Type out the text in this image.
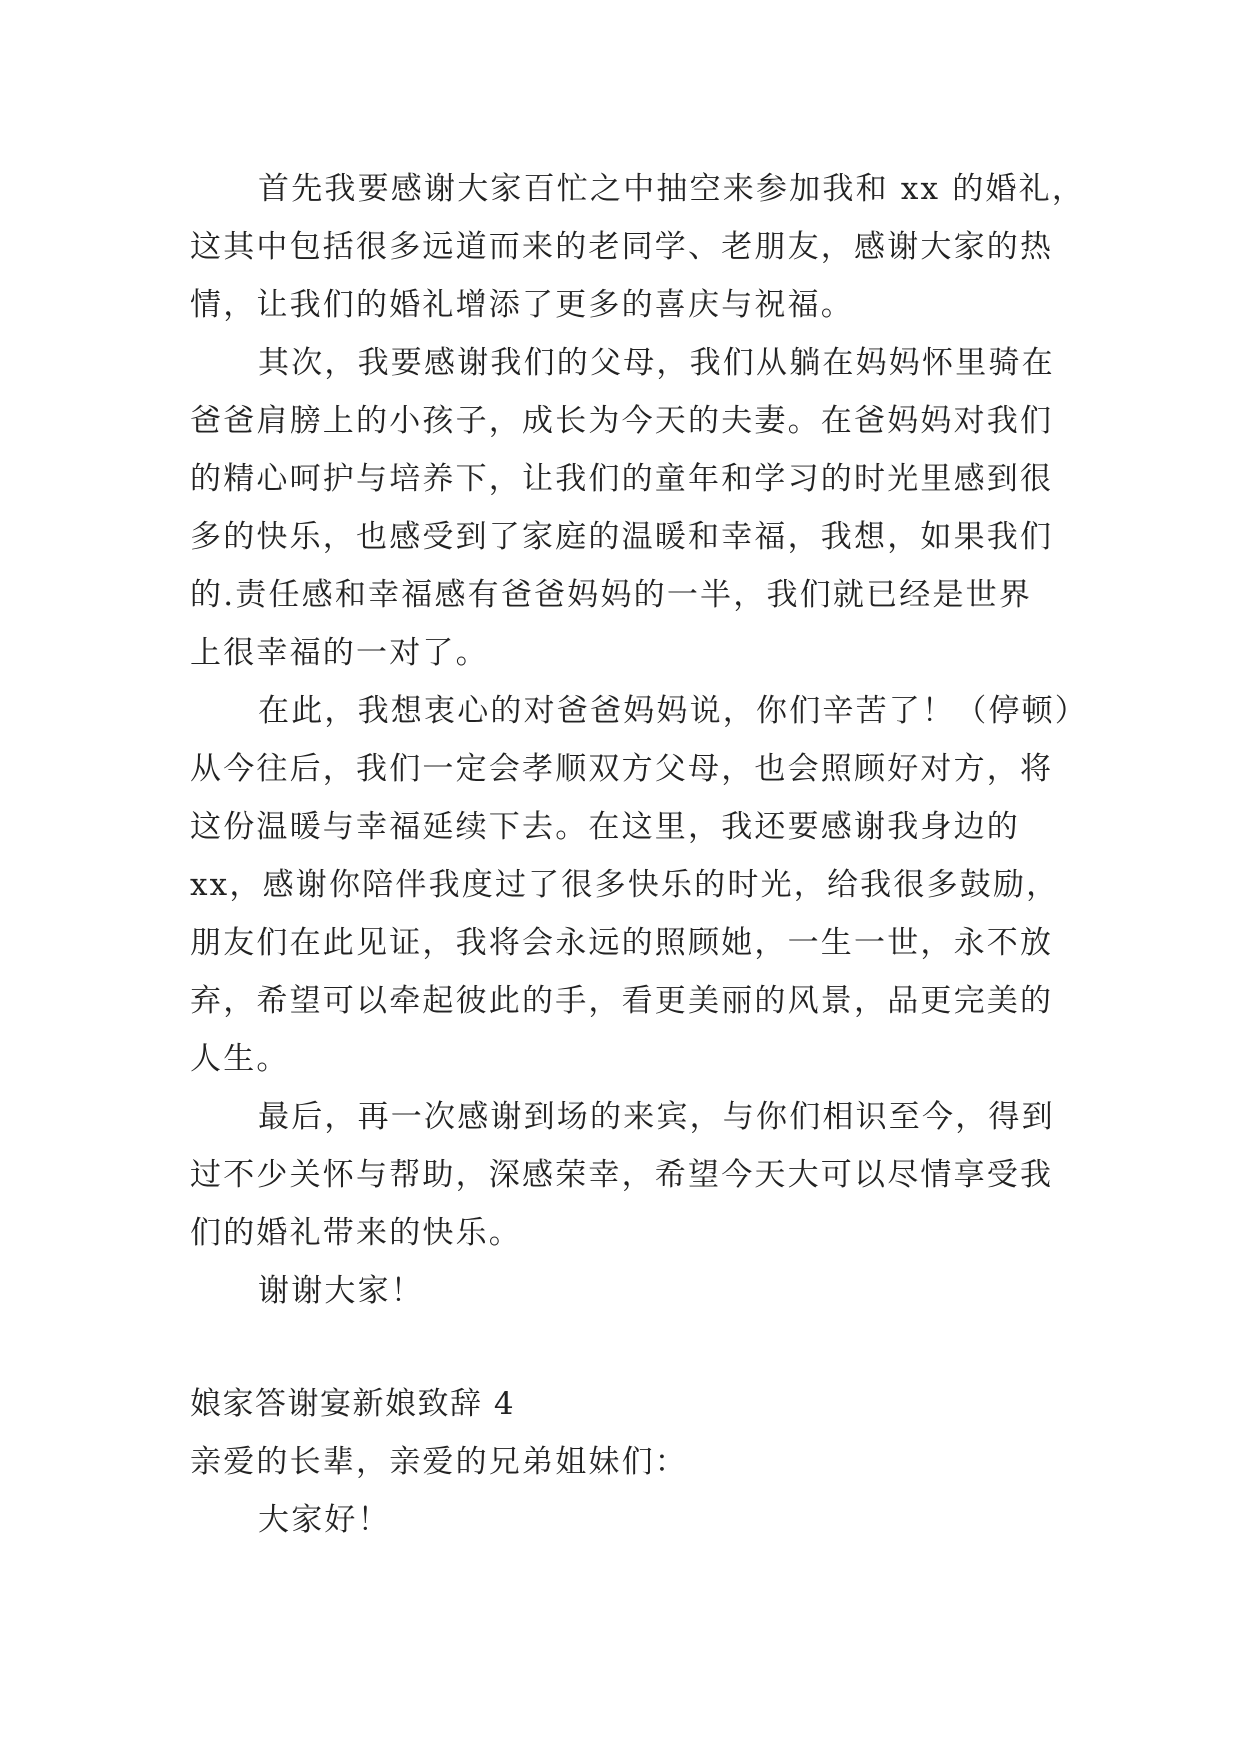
首先我要感谢大家百忙之中抽空来参加我和 xx 的婚礼，
这其中包括很多远道而来的老同学、老朋友，感谢大家的热
情，让我们的婚礼增添了更多的喜庆与祝福。
其次，我要感谢我们的父母，我们从躺在妈妈怀里骑在
爸爸肩膀上的小孩子，成长为今天的夫妻。在爸妈妈对我们
的精心呵护与培养下，让我们的童年和学习的时光里感到很
多的快乐，也感受到了家庭的温暖和幸福，我想，如果我们
的.责任感和幸福感有爸爸妈妈的一半，我们就已经是世界
上很幸福的一对了。
在此，我想衷心的对爸爸妈妈说，你们辛苦了！（停顿）
从今往后，我们一定会孝顺双方父母，也会照顾好对方，将
这份温暖与幸福延续下去。在这里，我还要感谢我身边的
xx，感谢你陪伴我度过了很多快乐的时光，给我很多鼓励，
朋友们在此见证，我将会永远的照顾她，一生一世，永不放
弃，希望可以牵起彼此的手，看更美丽的风景，品更完美的
人生。
最后，再一次感谢到场的来宾，与你们相识至今，得到
过不少关怀与帮助，深感荣幸，希望今天大可以尽情享受我
们的婚礼带来的快乐。
谢谢大家！
娘家答谢宴新娘致辞 4
亲爱的长辈，亲爱的兄弟姐妹们：
大家好！
